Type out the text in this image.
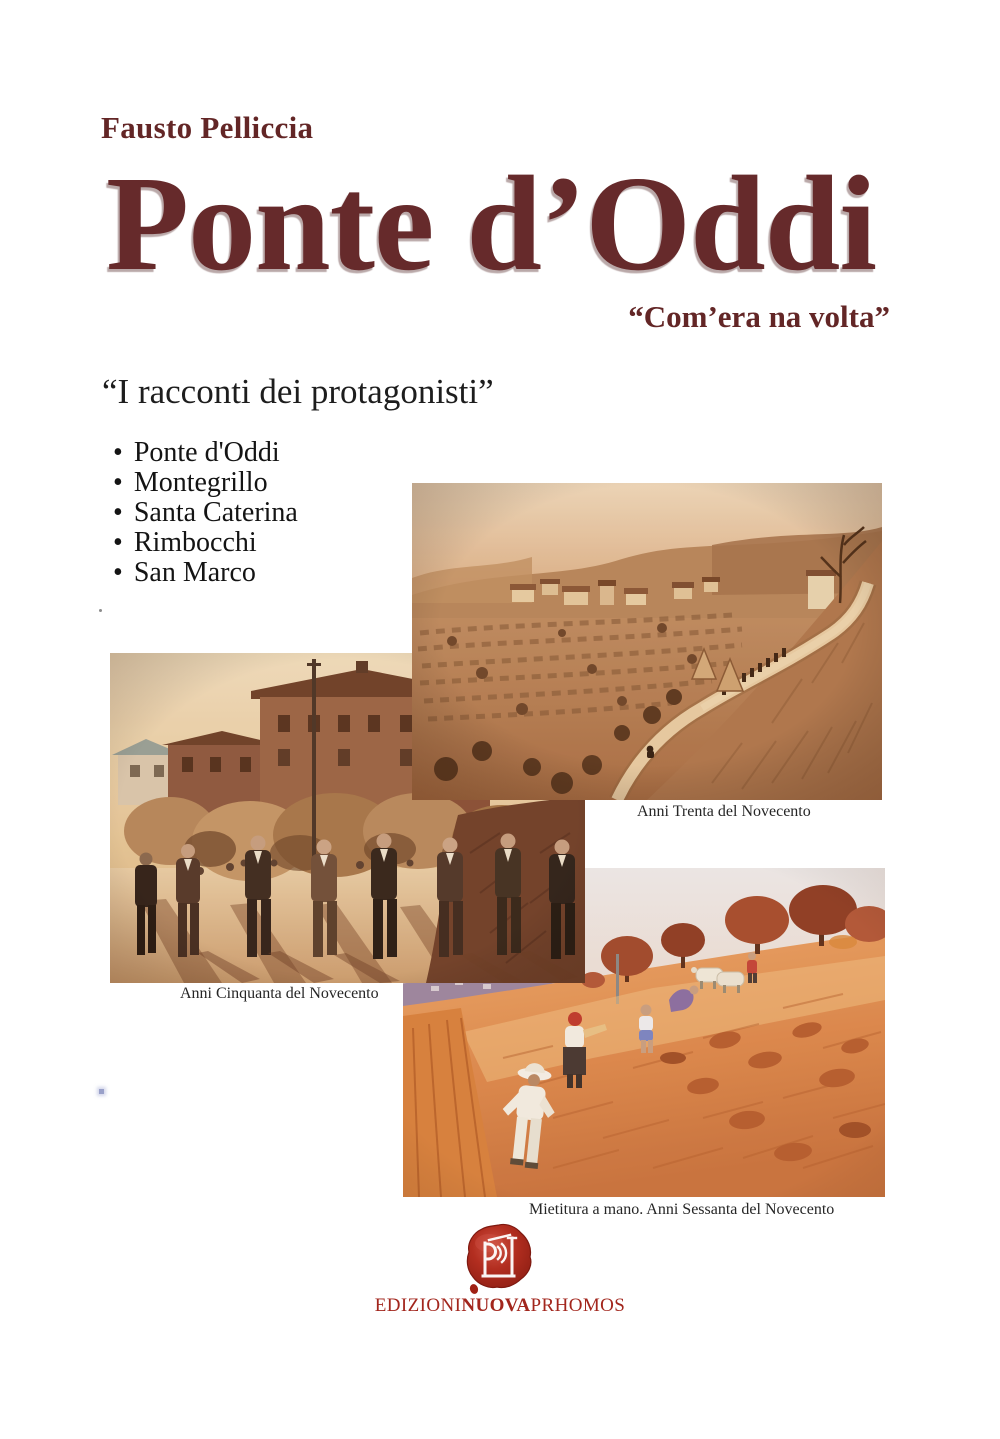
Fausto Pelliccia
Ponte d’Oddi
“Com’era na volta”
“I racconti dei protagonisti”
• Ponte d'Oddi
• Montegrillo
• Santa Caterina
• Rimbocchi
• San Marco
Anni Trenta del Novecento
Anni Cinquanta del Novecento
Mietitura a mano. Anni Sessanta del Novecento
EDIZIONINUOVAPRHOMOS
